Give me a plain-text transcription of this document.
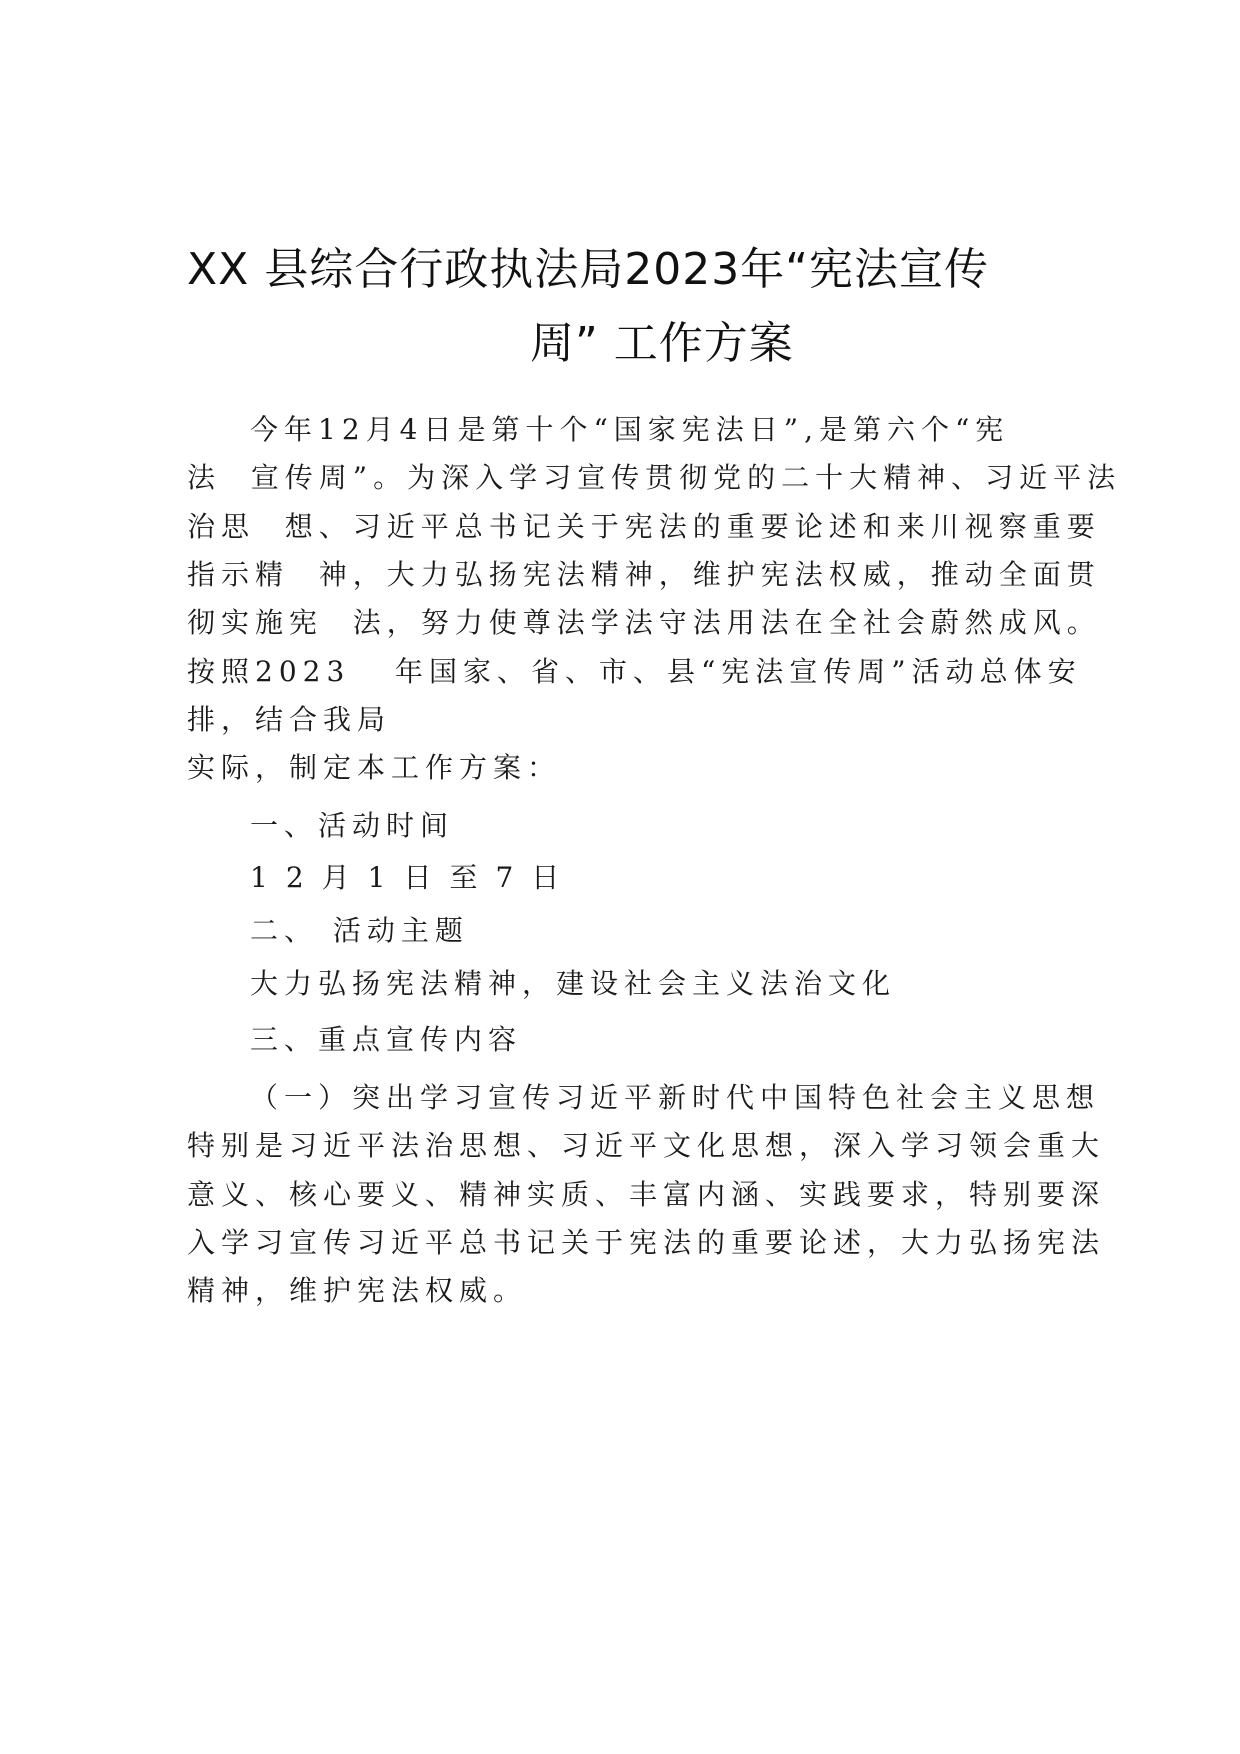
XX 县综合行政执法局2023年“宪法宣传
周” 工作方案
今年12月4日是第十个“国家宪法日”,是第六个“宪
法  宣传周”。为深入学习宣传贯彻党的二十大精神、习近平法
治思  想、习近平总书记关于宪法的重要论述和来川视察重要
指示精  神，大力弘扬宪法精神，维护宪法权威，推动全面贯
彻实施宪  法，努力使尊法学法守法用法在全社会蔚然成风。
按照2023   年国家、省、市、县“宪法宣传周”活动总体安
排，结合我局
实际，制定本工作方案：
一、活动时间
12月1日至7日
二、 活动主题
大力弘扬宪法精神，建设社会主义法治文化
三、重点宣传内容
（一）突出学习宣传习近平新时代中国特色社会主义思想
特别是习近平法治思想、习近平文化思想，深入学习领会重大
意义、核心要义、精神实质、丰富内涵、实践要求，特别要深
入学习宣传习近平总书记关于宪法的重要论述，大力弘扬宪法
精神，维护宪法权威。
